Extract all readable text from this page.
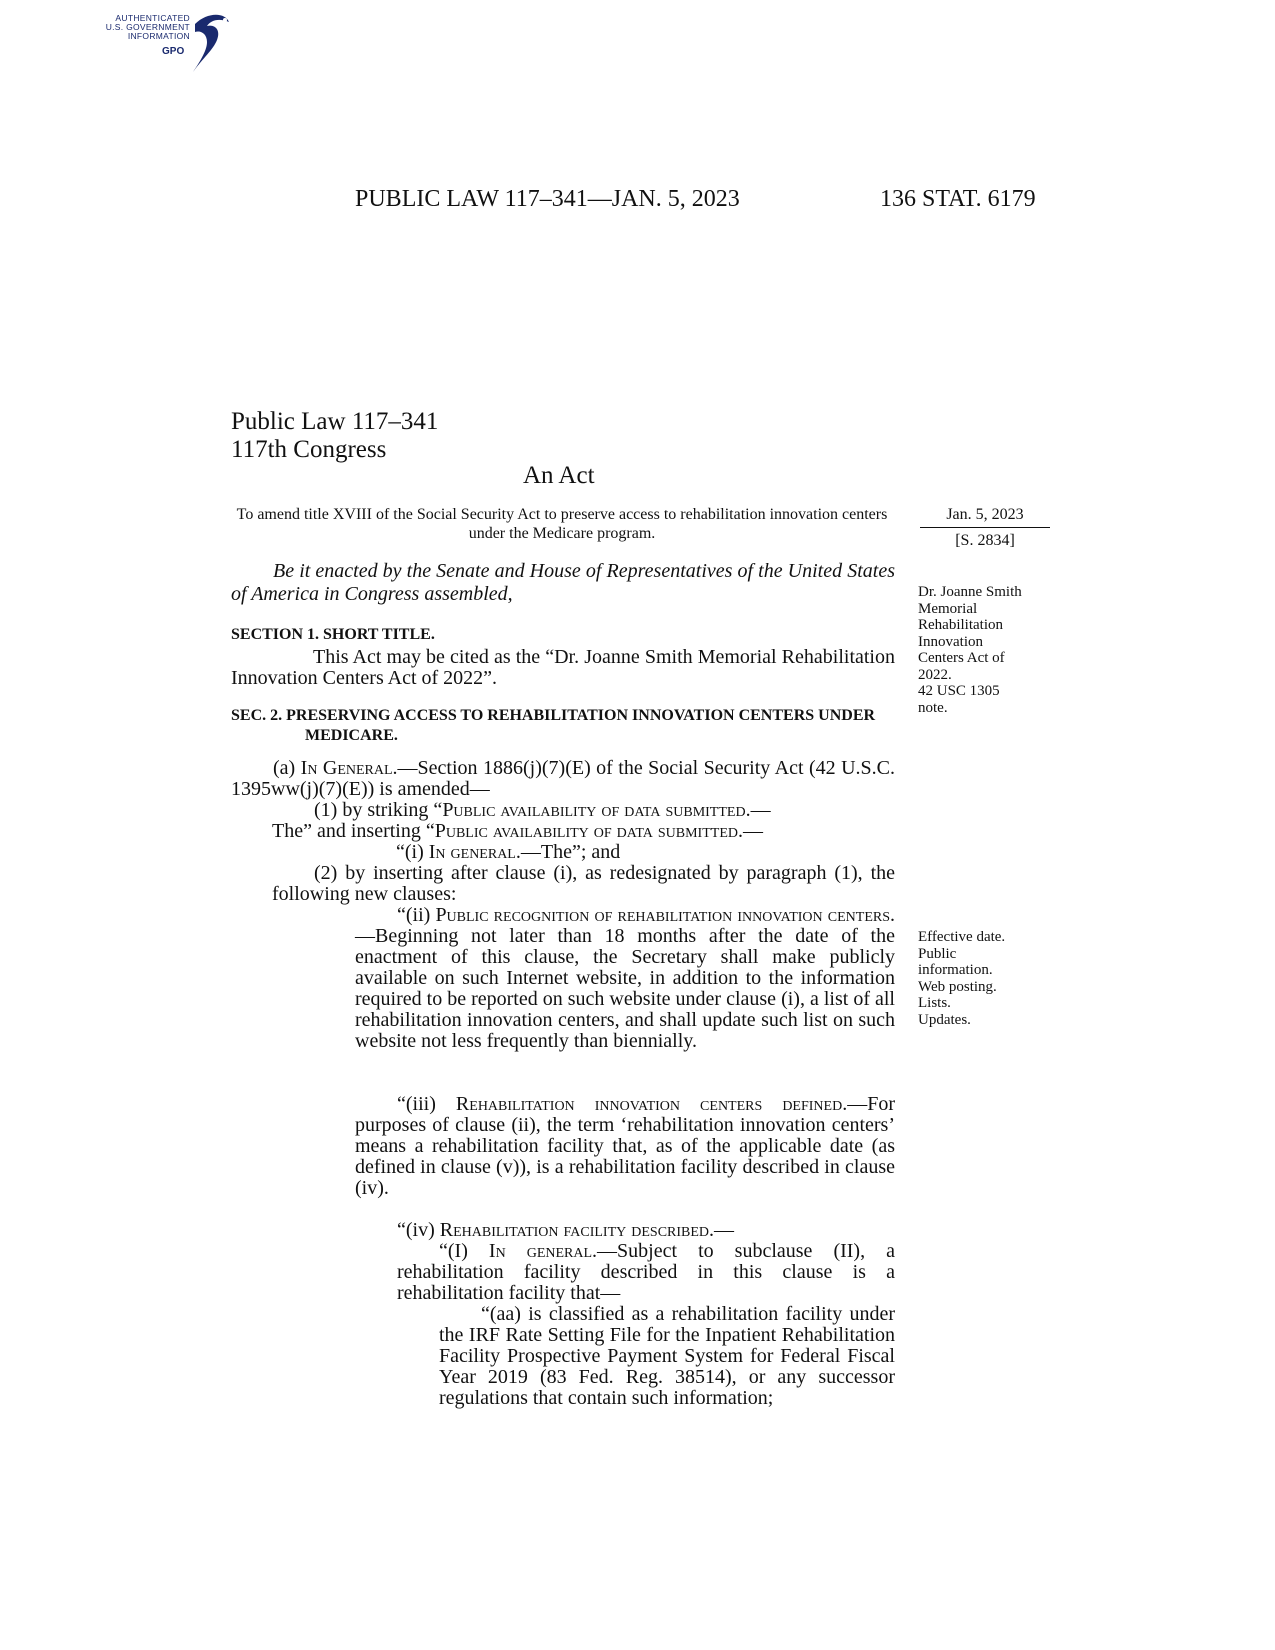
AUTHENTICATED
U.S. GOVERNMENT
INFORMATION
GPO
PUBLIC LAW 117–341—JAN. 5, 2023	136 STAT. 6179
Public Law 117–341
117th Congress
An Act
To amend title XVIII of the Social Security Act to preserve access to rehabilitation innovation centers under the Medicare program.
Jan. 5, 2023
[S. 2834]
Be it enacted by the Senate and House of Representatives of the United States of America in Congress assembled,	Dr. Joanne Smith
Memorial
Rehabilitation
Innovation
Centers Act of
2022.
42 USC 1305
note.
Effective date.
Public
information.
Web posting.
Lists.
Updates.
SECTION 1. SHORT TITLE.
This Act may be cited as the “Dr. Joanne Smith Memorial Rehabilitation Innovation Centers Act of 2022”.
SEC. 2. PRESERVING ACCESS TO REHABILITATION INNOVATION CENTERS UNDER MEDICARE.
(a) In General.—Section 1886(j)(7)(E) of the Social Security Act (42 U.S.C. 1395ww(j)(7)(E)) is amended—
(1) by striking “Public availability of data submitted.—
The” and inserting “Public availability of data submitted.—
“(i) In general.—The”; and
(2) by inserting after clause (i), as redesignated by paragraph (1), the following new clauses:
“(ii) Public recognition of rehabilitation innovation centers.—Beginning not later than 18 months after the date of the enactment of this clause, the Secretary shall make publicly available on such Internet website, in addition to the information required to be reported on such website under clause (i), a list of all rehabilitation innovation centers, and shall update such list on such website not less frequently than biennially.
“(iii) Rehabilitation innovation centers defined.—For purposes of clause (ii), the term ‘rehabilitation innovation centers’ means a rehabilitation facility that, as of the applicable date (as defined in clause (v)), is a rehabilitation facility described in clause (iv).
“(iv) Rehabilitation facility described.—
“(I) In general.—Subject to subclause (II), a rehabilitation facility described in this clause is a rehabilitation facility that—
“(aa) is classified as a rehabilitation facility under the IRF Rate Setting File for the Inpatient Rehabilitation Facility Prospective Payment System for Federal Fiscal Year 2019 (83 Fed. Reg. 38514), or any successor regulations that contain such information;
